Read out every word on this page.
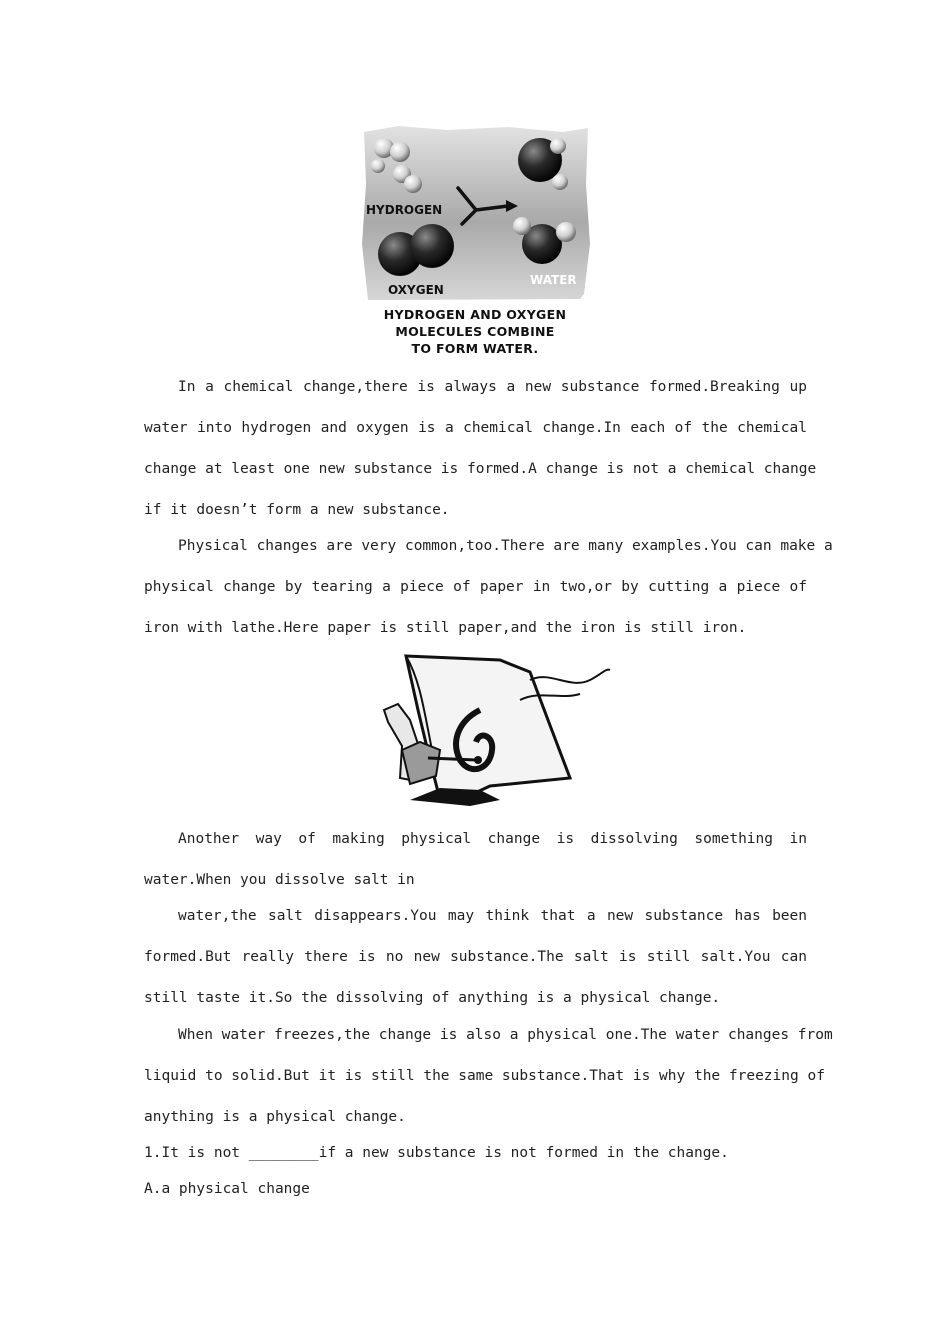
HYDROGEN
OXYGEN
WATER
HYDROGEN AND OXYGEN
MOLECULES COMBINE
TO FORM WATER.
In a chemical change,there is always a new substance formed.Breaking up
water into hydrogen and oxygen is a chemical change.In each of the chemical
change at least one new substance is formed.A change is not a chemical change
if it doesn’t form a new substance.
Physical changes are very common,too.There are many examples.You can make a
physical change by tearing a piece of paper in two,or by cutting a piece of
iron with lathe.Here paper is still paper,and the iron is still iron.
Another way of making physical change is dissolving something in
water.When you dissolve salt in
water,the salt disappears.You may think that a new substance has been
formed.But really there is no new substance.The salt is still salt.You can
still taste it.So the dissolving of anything is a physical change.
When water freezes,the change is also a physical one.The water changes from
liquid to solid.But it is still the same substance.That is why the freezing of
anything is a physical change.
1.It is not ________if a new substance is not formed in the change.
A.a physical change
